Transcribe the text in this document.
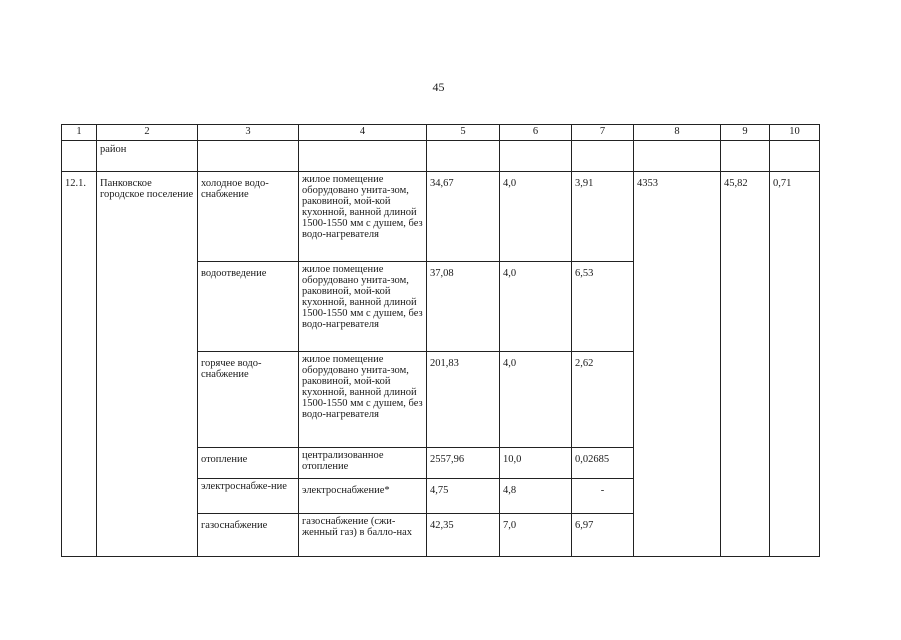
45
1	2	3	4	5	6	7	8	9	10
	район								
12.1.	Панковское городское поселение	холодное водо-снабжение	жилое помещение оборудовано унита-зом, раковиной, мой-кой кухонной, ванной длиной 1500-1550 мм с душем, без водо-нагревателя	34,67	4,0	3,91	4353	45,82	0,71
		водоотведение	жилое помещение оборудовано унита-зом, раковиной, мой-кой кухонной, ванной длиной 1500-1550 мм с душем, без водо-нагревателя	37,08	4,0	6,53			
		горячее водо-снабжение	жилое помещение оборудовано унита-зом, раковиной, мой-кой кухонной, ванной длиной 1500-1550 мм с душем, без водо-нагревателя	201,83	4,0	2,62			
		отопление	централизованное отопление	2557,96	10,0	0,02685			
		электроснабже-ние	электроснабжение*	4,75	4,8	-			
		газоснабжение	газоснабжение (сжи-женный газ) в балло-нах	42,35	7,0	6,97			
